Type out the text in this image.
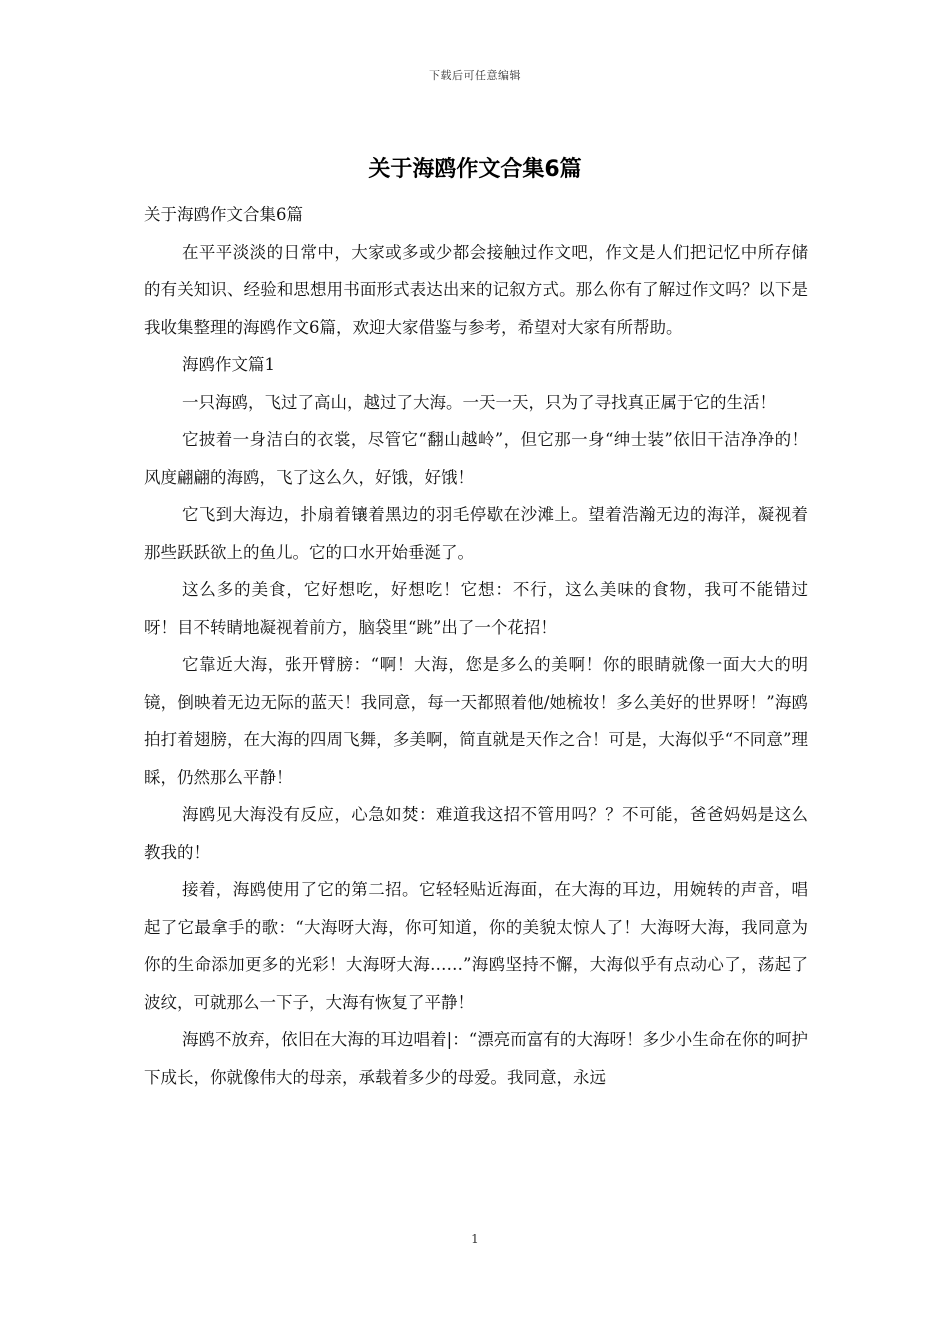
下载后可任意编辑
关于海鸥作文合集6篇

关于海鸥作文合集6篇

在平平淡淡的日常中，大家或多或少都会接触过作文吧，作文是人们把记忆中所存储的有关知识、经验和思想用书面形式表达出来的记叙方式。那么你有了解过作文吗？以下是我收集整理的海鸥作文6篇，欢迎大家借鉴与参考，希望对大家有所帮助。

海鸥作文篇1

一只海鸥，飞过了高山，越过了大海。一天一天，只为了寻找真正属于它的生活！

它披着一身洁白的衣裳，尽管它“翻山越岭”，但它那一身“绅士装”依旧干洁净净的！风度翩翩的海鸥，飞了这么久，好饿，好饿！

它飞到大海边，扑扇着镶着黑边的羽毛停歇在沙滩上。望着浩瀚无边的海洋，凝视着那些跃跃欲上的鱼儿。它的口水开始垂涎了。

这么多的美食，它好想吃，好想吃！它想：不行，这么美味的食物，我可不能错过呀！目不转睛地凝视着前方，脑袋里“跳”出了一个花招！

它靠近大海，张开臂膀：“啊！大海，您是多么的美啊！你的眼睛就像一面大大的明镜，倒映着无边无际的蓝天！我同意，每一天都照着他/她梳妆！多么美好的世界呀！”海鸥拍打着翅膀，在大海的四周飞舞，多美啊，简直就是天作之合！可是，大海似乎“不同意”理睬，仍然那么平静！

海鸥见大海没有反应，心急如焚：难道我这招不管用吗？？不可能，爸爸妈妈是这么教我的！

接着，海鸥使用了它的第二招。它轻轻贴近海面，在大海的耳边，用婉转的声音，唱起了它最拿手的歌：“大海呀大海，你可知道，你的美貌太惊人了！大海呀大海，我同意为你的生命添加更多的光彩！大海呀大海……”海鸥坚持不懈，大海似乎有点动心了，荡起了波纹，可就那么一下子，大海有恢复了平静！

海鸥不放弃，依旧在大海的耳边唱着|：“漂亮而富有的大海呀！多少小生命在你的呵护下成长，你就像伟大的母亲，承载着多少的母爱。我同意，永远

1
